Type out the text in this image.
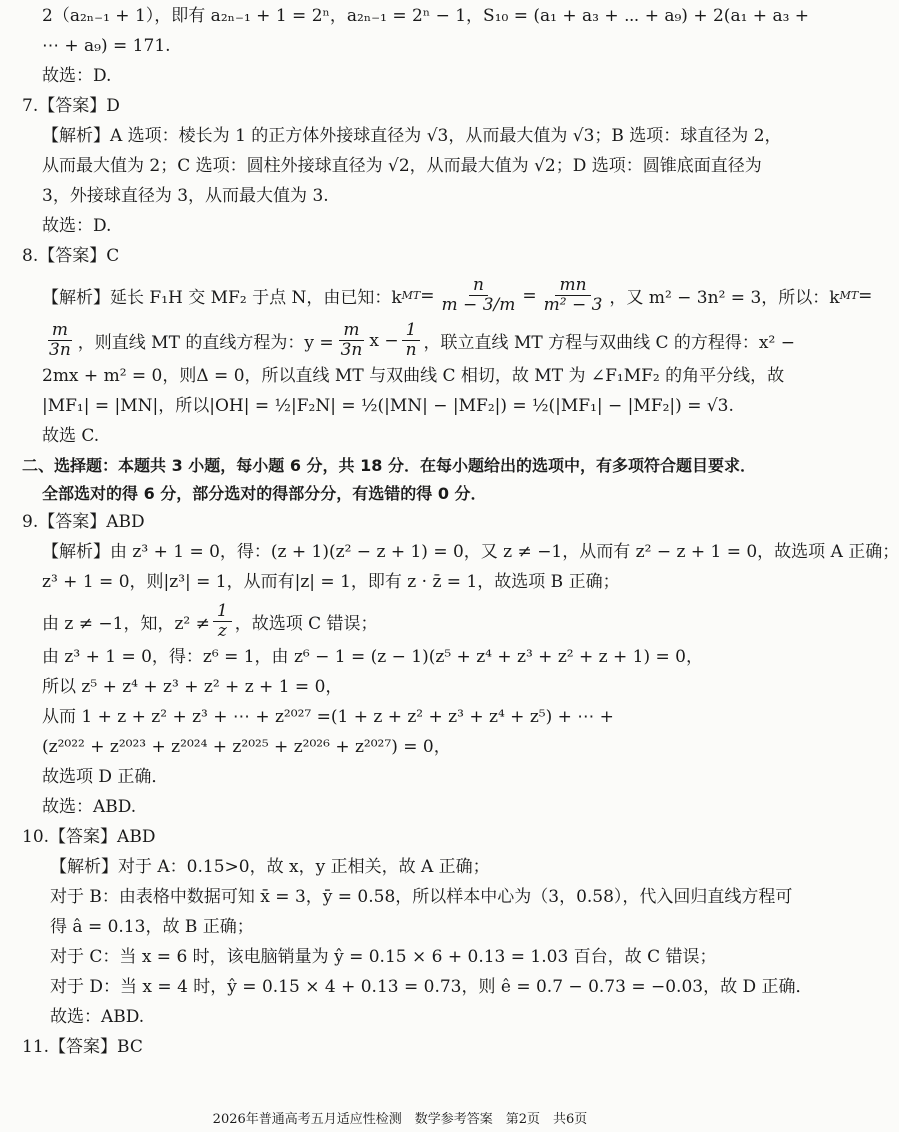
2（a₂ₙ₋₁ + 1），即有 a₂ₙ₋₁ + 1 = 2ⁿ，a₂ₙ₋₁ = 2ⁿ − 1，S₁₀ = (a₁ + a₃ + ⋯ + a₉) + 2(a₁ + a₃ +
⋯ + a₉) = 171.
故选：D.
7.【答案】D
【解析】A 选项：棱长为 1 的正方体外接球直径为 √3，从而最大值为 √3；B 选项：球直径为 2，
从而最大值为 2；C 选项：圆柱外接球直径为 √2，从而最大值为 √2；D 选项：圆锥底面直径为
3，外接球直径为 3，从而最大值为 3.
故选：D.
8.【答案】C
【解析】延长 F₁H 交 MF₂ 于点 N，由已知：k MT = $\frac{n}{m - 3/m} = \frac{mn}{\text{m² − 3}}$ ，又 m² − 3n² = 3，所以：k MT =
$\frac{m}{3n}$ ，则直线 MT 的直线方程为：$y = \frac{m}{3n}$ $x - \frac{1}{n}$ ，联立直线 MT 方程与双曲线 C 的方程得：x² −
2mx + m² = 0，则Δ = 0，所以直线 MT 与双曲线 C 相切，故 MT 为 ∠F₁MF₂ 的角平分线，故
|MF₁| = |MN|，所以|OH| = ½|F₂N| = ½(|MN| − |MF₂|) = ½(|MF₁| − |MF₂|) = √3.
故选 C.
二、选择题：本题共 3 小题，每小题 6 分，共 18 分．在每小题给出的选项中，有多项符合题目要求．
全部选对的得 6 分，部分选对的得部分分，有选错的得 0 分．
9.【答案】ABD
【解析】由 z³ + 1 = 0，得：(z + 1)(z² − z + 1) = 0，又 z ≠ −1，从而有 z² − z + 1 = 0，故选项 A 正确；
z³ + 1 = 0，则|z³| = 1，从而有|z| = 1，即有 z · z̄ = 1，故选项 B 正确；
由 z ≠ −1，知，$z^2 \ne \frac{1}{z}$ ，故选项 C 错误；
由 z³ + 1 = 0，得：z⁶ = 1，由 z⁶ − 1 = (z − 1)(z⁵ + z⁴ + z³ + z² + z + 1) = 0，
所以 z⁵ + z⁴ + z³ + z² + z + 1 = 0，
从而 1 + z + z² + z³ + ⋯ + z²⁰²⁷ =(1 + z + z² + z³ + z⁴ + z⁵) + ⋯ +
(z²⁰²² + z²⁰²³ + z²⁰²⁴ + z²⁰²⁵ + z²⁰²⁶ + z²⁰²⁷) = 0，
故选项 D 正确．
故选：ABD.
10.【答案】ABD
【解析】对于 A：0.15>0，故 x，y 正相关，故 A 正确；
对于 B：由表格中数据可知 x̄ = 3，ȳ = 0.58，所以样本中心为（3，0.58），代入回归直线方程可
得 â = 0.13，故 B 正确；
对于 C：当 x = 6 时，该电脑销量为 ŷ = 0.15 × 6 + 0.13 = 1.03 百台，故 C 错误；
对于 D：当 x = 4 时，ŷ = 0.15 × 4 + 0.13 = 0.73，则 ê = 0.7 − 0.73 = −0.03，故 D 正确．
故选：ABD.
11.【答案】BC
2026年普通高考五月适应性检测　数学参考答案　第2页　共6页
